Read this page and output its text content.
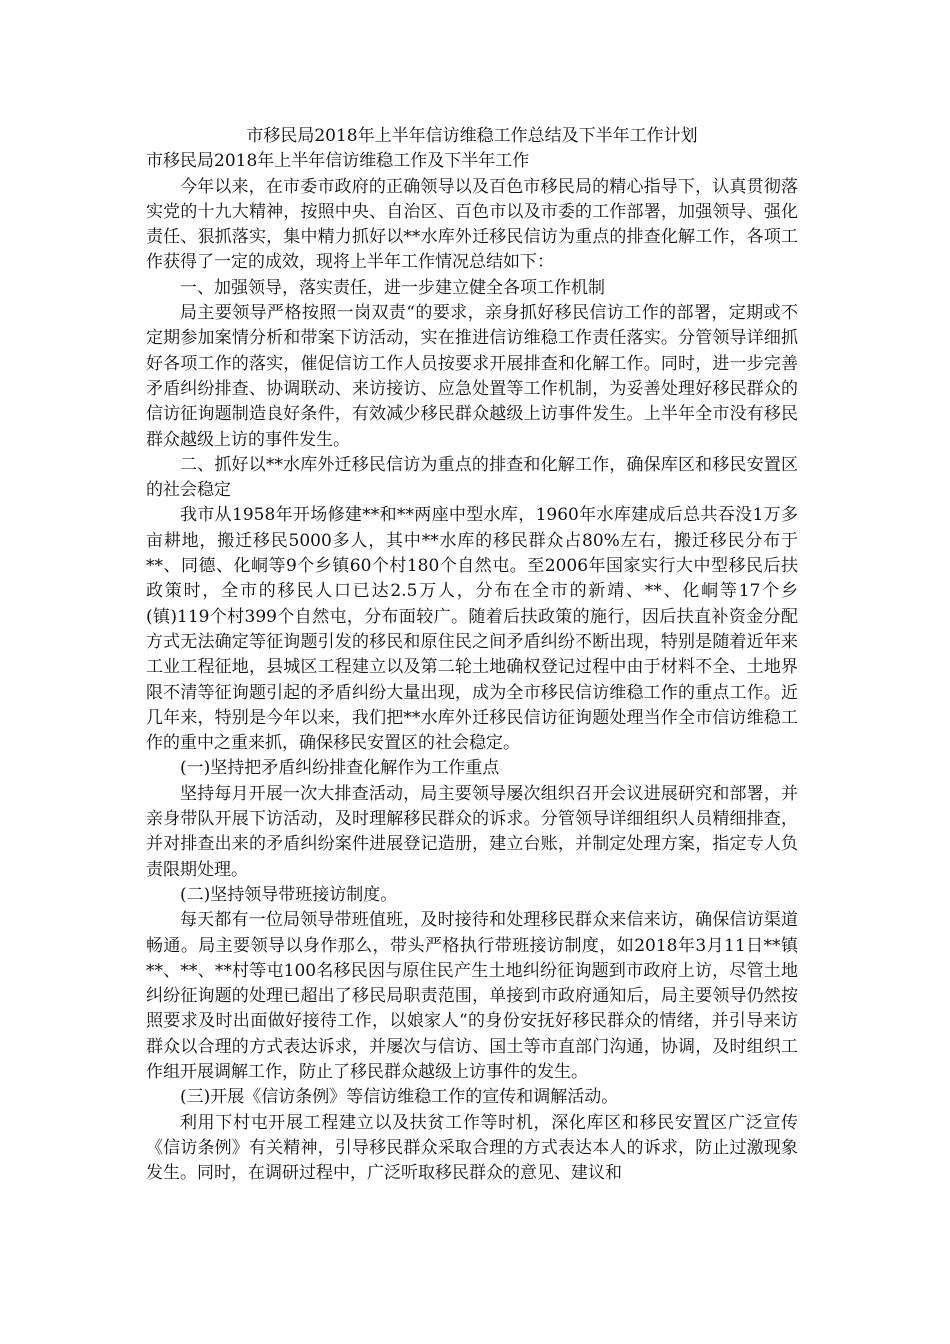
市移民局2018年上半年信访维稳工作总结及下半年工作计划

市移民局2018年上半年信访维稳工作及下半年工作

今年以来，在市委市政府的正确领导以及百色市移民局的精心指导下，认真贯彻落实党的十九大精神，按照中央、自治区、百色市以及市委的工作部署，加强领导、强化责任、狠抓落实，集中精力抓好以**水库外迁移民信访为重点的排查化解工作，各项工作获得了一定的成效，现将上半年工作情况总结如下：

一、加强领导，落实责任，进一步建立健全各项工作机制

局主要领导严格按照一岗双责“的要求，亲身抓好移民信访工作的部署，定期或不定期参加案情分析和带案下访活动，实在推进信访维稳工作责任落实。分管领导详细抓好各项工作的落实，催促信访工作人员按要求开展排查和化解工作。同时，进一步完善矛盾纠纷排查、协调联动、来访接访、应急处置等工作机制，为妥善处理好移民群众的信访征询题制造良好条件，有效减少移民群众越级上访事件发生。上半年全市没有移民群众越级上访的事件发生。

二、抓好以**水库外迁移民信访为重点的排查和化解工作，确保库区和移民安置区的社会稳定

我市从1958年开场修建**和**两座中型水库，1960年水库建成后总共吞没1万多亩耕地，搬迁移民5000多人，其中**水库的移民群众占80%左右，搬迁移民分布于**、同德、化峒等9个乡镇60个村180个自然屯。至2006年国家实行大中型移民后扶政策时，全市的移民人口已达2.5万人，分布在全市的新靖、**、化峒等17个乡(镇)119个村399个自然屯，分布面较广。随着后扶政策的施行，因后扶直补资金分配方式无法确定等征询题引发的移民和原住民之间矛盾纠纷不断出现，特别是随着近年来工业工程征地，县城区工程建立以及第二轮土地确权登记过程中由于材料不全、土地界限不清等征询题引起的矛盾纠纷大量出现，成为全市移民信访维稳工作的重点工作。近几年来，特别是今年以来，我们把**水库外迁移民信访征询题处理当作全市信访维稳工作的重中之重来抓，确保移民安置区的社会稳定。

(一)坚持把矛盾纠纷排查化解作为工作重点

坚持每月开展一次大排查活动，局主要领导屡次组织召开会议进展研究和部署，并亲身带队开展下访活动，及时理解移民群众的诉求。分管领导详细组织人员精细排查，并对排查出来的矛盾纠纷案件进展登记造册，建立台账，并制定处理方案，指定专人负责限期处理。

(二)坚持领导带班接访制度。

每天都有一位局领导带班值班，及时接待和处理移民群众来信来访，确保信访渠道畅通。局主要领导以身作那么，带头严格执行带班接访制度，如2018年3月11日**镇**、**、**村等屯100名移民因与原住民产生土地纠纷征询题到市政府上访，尽管土地纠纷征询题的处理已超出了移民局职责范围，单接到市政府通知后，局主要领导仍然按照要求及时出面做好接待工作，以娘家人“的身份安抚好移民群众的情绪，并引导来访群众以合理的方式表达诉求，并屡次与信访、国土等市直部门沟通，协调，及时组织工作组开展调解工作，防止了移民群众越级上访事件的发生。

(三)开展《信访条例》等信访维稳工作的宣传和调解活动。

利用下村屯开展工程建立以及扶贫工作等时机，深化库区和移民安置区广泛宣传《信访条例》有关精神，引导移民群众采取合理的方式表达本人的诉求，防止过激现象发生。同时，在调研过程中，广泛听取移民群众的意见、建议和
